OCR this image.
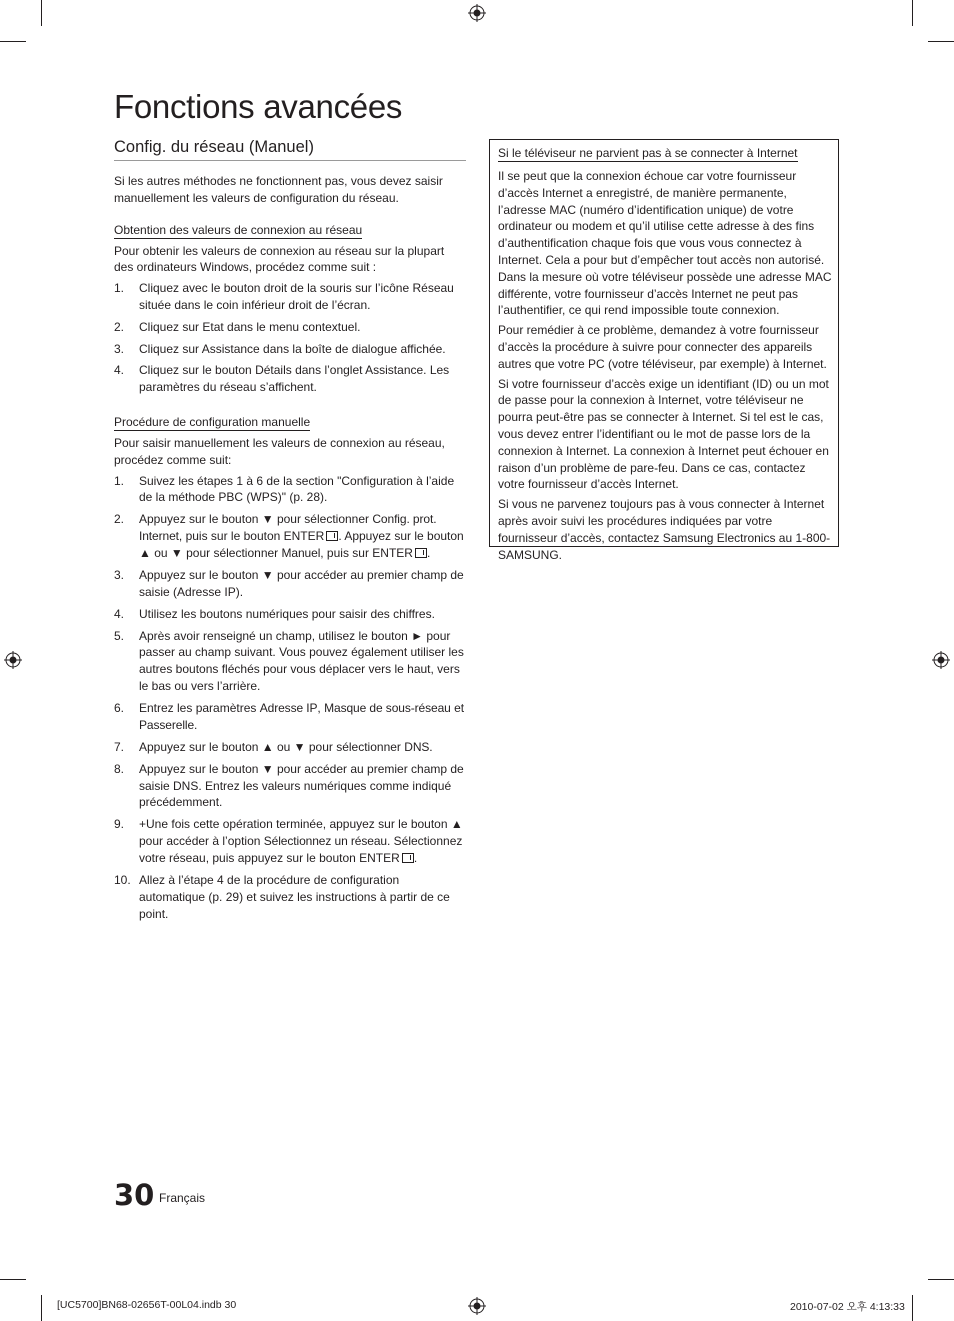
Fonctions avancées
Config. du réseau (Manuel)

Si les autres méthodes ne fonctionnent pas, vous devez saisir manuellement les valeurs de configuration du réseau.

Obtention des valeurs de connexion au réseau

Pour obtenir les valeurs de connexion au réseau sur la plupart des ordinateurs Windows, procédez comme suit :

1. Cliquez avec le bouton droit de la souris sur l’icône Réseau située dans le coin inférieur droit de l’écran.
2. Cliquez sur Etat dans le menu contextuel.
3. Cliquez sur Assistance dans la boîte de dialogue affichée.
4. Cliquez sur le bouton Détails dans l’onglet Assistance. Les paramètres du réseau s’affichent.
Procédure de configuration manuelle

Pour saisir manuellement les valeurs de connexion au réseau, procédez comme suit:

1. Suivez les étapes 1 à 6 de la section "Configuration à l’aide de la méthode PBC (WPS)" (p. 28).
2. Appuyez sur le bouton ▼ pour sélectionner Config. prot. Internet, puis sur le bouton ENTER . Appuyez sur le bouton ▲ ou ▼ pour sélectionner Manuel, puis sur ENTER .
3. Appuyez sur le bouton ▼ pour accéder au premier champ de saisie (Adresse IP).
4. Utilisez les boutons numériques pour saisir des chiffres.
5. Après avoir renseigné un champ, utilisez le bouton ► pour passer au champ suivant. Vous pouvez également utiliser les autres boutons fléchés pour vous déplacer vers le haut, vers le bas ou vers l’arrière.
6. Entrez les paramètres Adresse IP, Masque de sous-réseau et Passerelle.
7. Appuyez sur le bouton ▲ ou ▼ pour sélectionner DNS.
8. Appuyez sur le bouton ▼ pour accéder au premier champ de saisie DNS. Entrez les valeurs numériques comme indiqué précédemment.
9. +Une fois cette opération terminée, appuyez sur le bouton ▲ pour accéder à l’option Sélectionnez un réseau. Sélectionnez votre réseau, puis appuyez sur le bouton ENTER .
10. Allez à l’étape 4 de la procédure de configuration automatique (p. 29) et suivez les instructions à partir de ce point.
Si le téléviseur ne parvient pas à se connecter à Internet

Il se peut que la connexion échoue car votre fournisseur d’accès Internet a enregistré, de manière permanente, l’adresse MAC (numéro d’identification unique) de votre ordinateur ou modem et qu’il utilise cette adresse à des fins d’authentification chaque fois que vous vous connectez à Internet. Cela a pour but d’empêcher tout accès non autorisé. Dans la mesure où votre téléviseur possède une adresse MAC différente, votre fournisseur d’accès Internet ne peut pas l’authentifier, ce qui rend impossible toute connexion.

Pour remédier à ce problème, demandez à votre fournisseur d’accès la procédure à suivre pour connecter des appareils autres que votre PC (votre téléviseur, par exemple) à Internet.

Si votre fournisseur d’accès exige un identifiant (ID) ou un mot de passe pour la connexion à Internet, votre téléviseur ne pourra peut-être pas se connecter à Internet. Si tel est le cas, vous devez entrer l’identifiant ou le mot de passe lors de la connexion à Internet. La connexion à Internet peut échouer en raison d’un problème de pare-feu. Dans ce cas, contactez votre fournisseur d’accès Internet.

Si vous ne parvenez toujours pas à vous connecter à Internet après avoir suivi les procédures indiquées par votre fournisseur d’accès, contactez Samsung Electronics au 1-800-SAMSUNG.

30 Français
[UC5700]BN68-02656T-00L04.indb 30	2010-07-02 오후 4:13:33
